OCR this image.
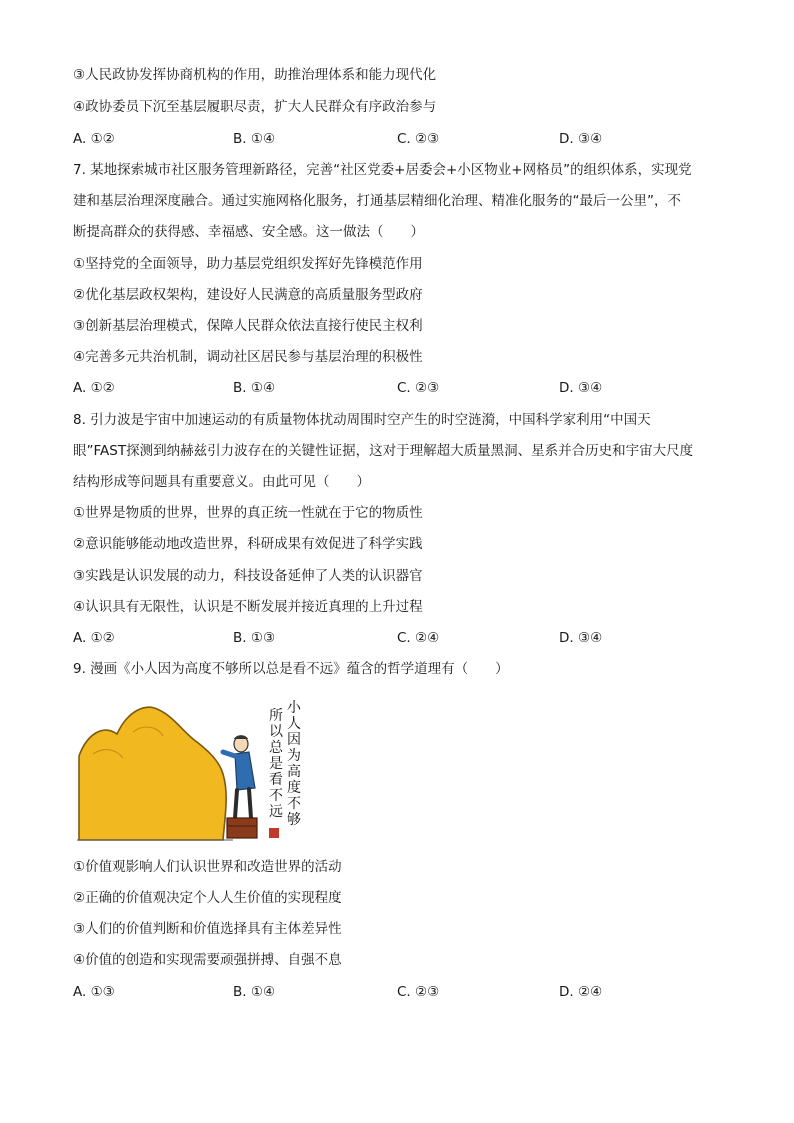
③人民政协发挥协商机构的作用，助推治理体系和能力现代化
④政协委员下沉至基层履职尽责，扩大人民群众有序政治参与
A. ①②	B. ①④	C. ②③	D. ③④
7. 某地探索城市社区服务管理新路径，完善“社区党委+居委会+小区物业+网格员”的组织体系，实现党
建和基层治理深度融合。通过实施网格化服务，打通基层精细化治理、精准化服务的“最后一公里”，不
断提高群众的获得感、幸福感、安全感。这一做法（　　）
①坚持党的全面领导，助力基层党组织发挥好先锋模范作用
②优化基层政权架构，建设好人民满意的高质量服务型政府
③创新基层治理模式，保障人民群众依法直接行使民主权利
④完善多元共治机制，调动社区居民参与基层治理的积极性
A. ①②	B. ①④	C. ②③	D. ③④
8. 引力波是宇宙中加速运动的有质量物体扰动周围时空产生的时空涟漪，中国科学家利用“中国天
眼”FAST探测到纳赫兹引力波存在的关键性证据，这对于理解超大质量黑洞、星系并合历史和宇宙大尺度
结构形成等问题具有重要意义。由此可见（　　）
①世界是物质的世界，世界的真正统一性就在于它的物质性
②意识能够能动地改造世界，科研成果有效促进了科学实践
③实践是认识发展的动力，科技设备延伸了人类的认识器官
④认识具有无限性，认识是不断发展并接近真理的上升过程
A. ①②	B. ①③	C. ②④	D. ③④
9. 漫画《小人因为高度不够所以总是看不远》蕴含的哲学道理有（　　）
小人因为高度不够
所以总是看不远
①价值观影响人们认识世界和改造世界的活动
②正确的价值观决定个人人生价值的实现程度
③人们的价值判断和价值选择具有主体差异性
④价值的创造和实现需要顽强拼搏、自强不息
A. ①③	B. ①④	C. ②③	D. ②④
